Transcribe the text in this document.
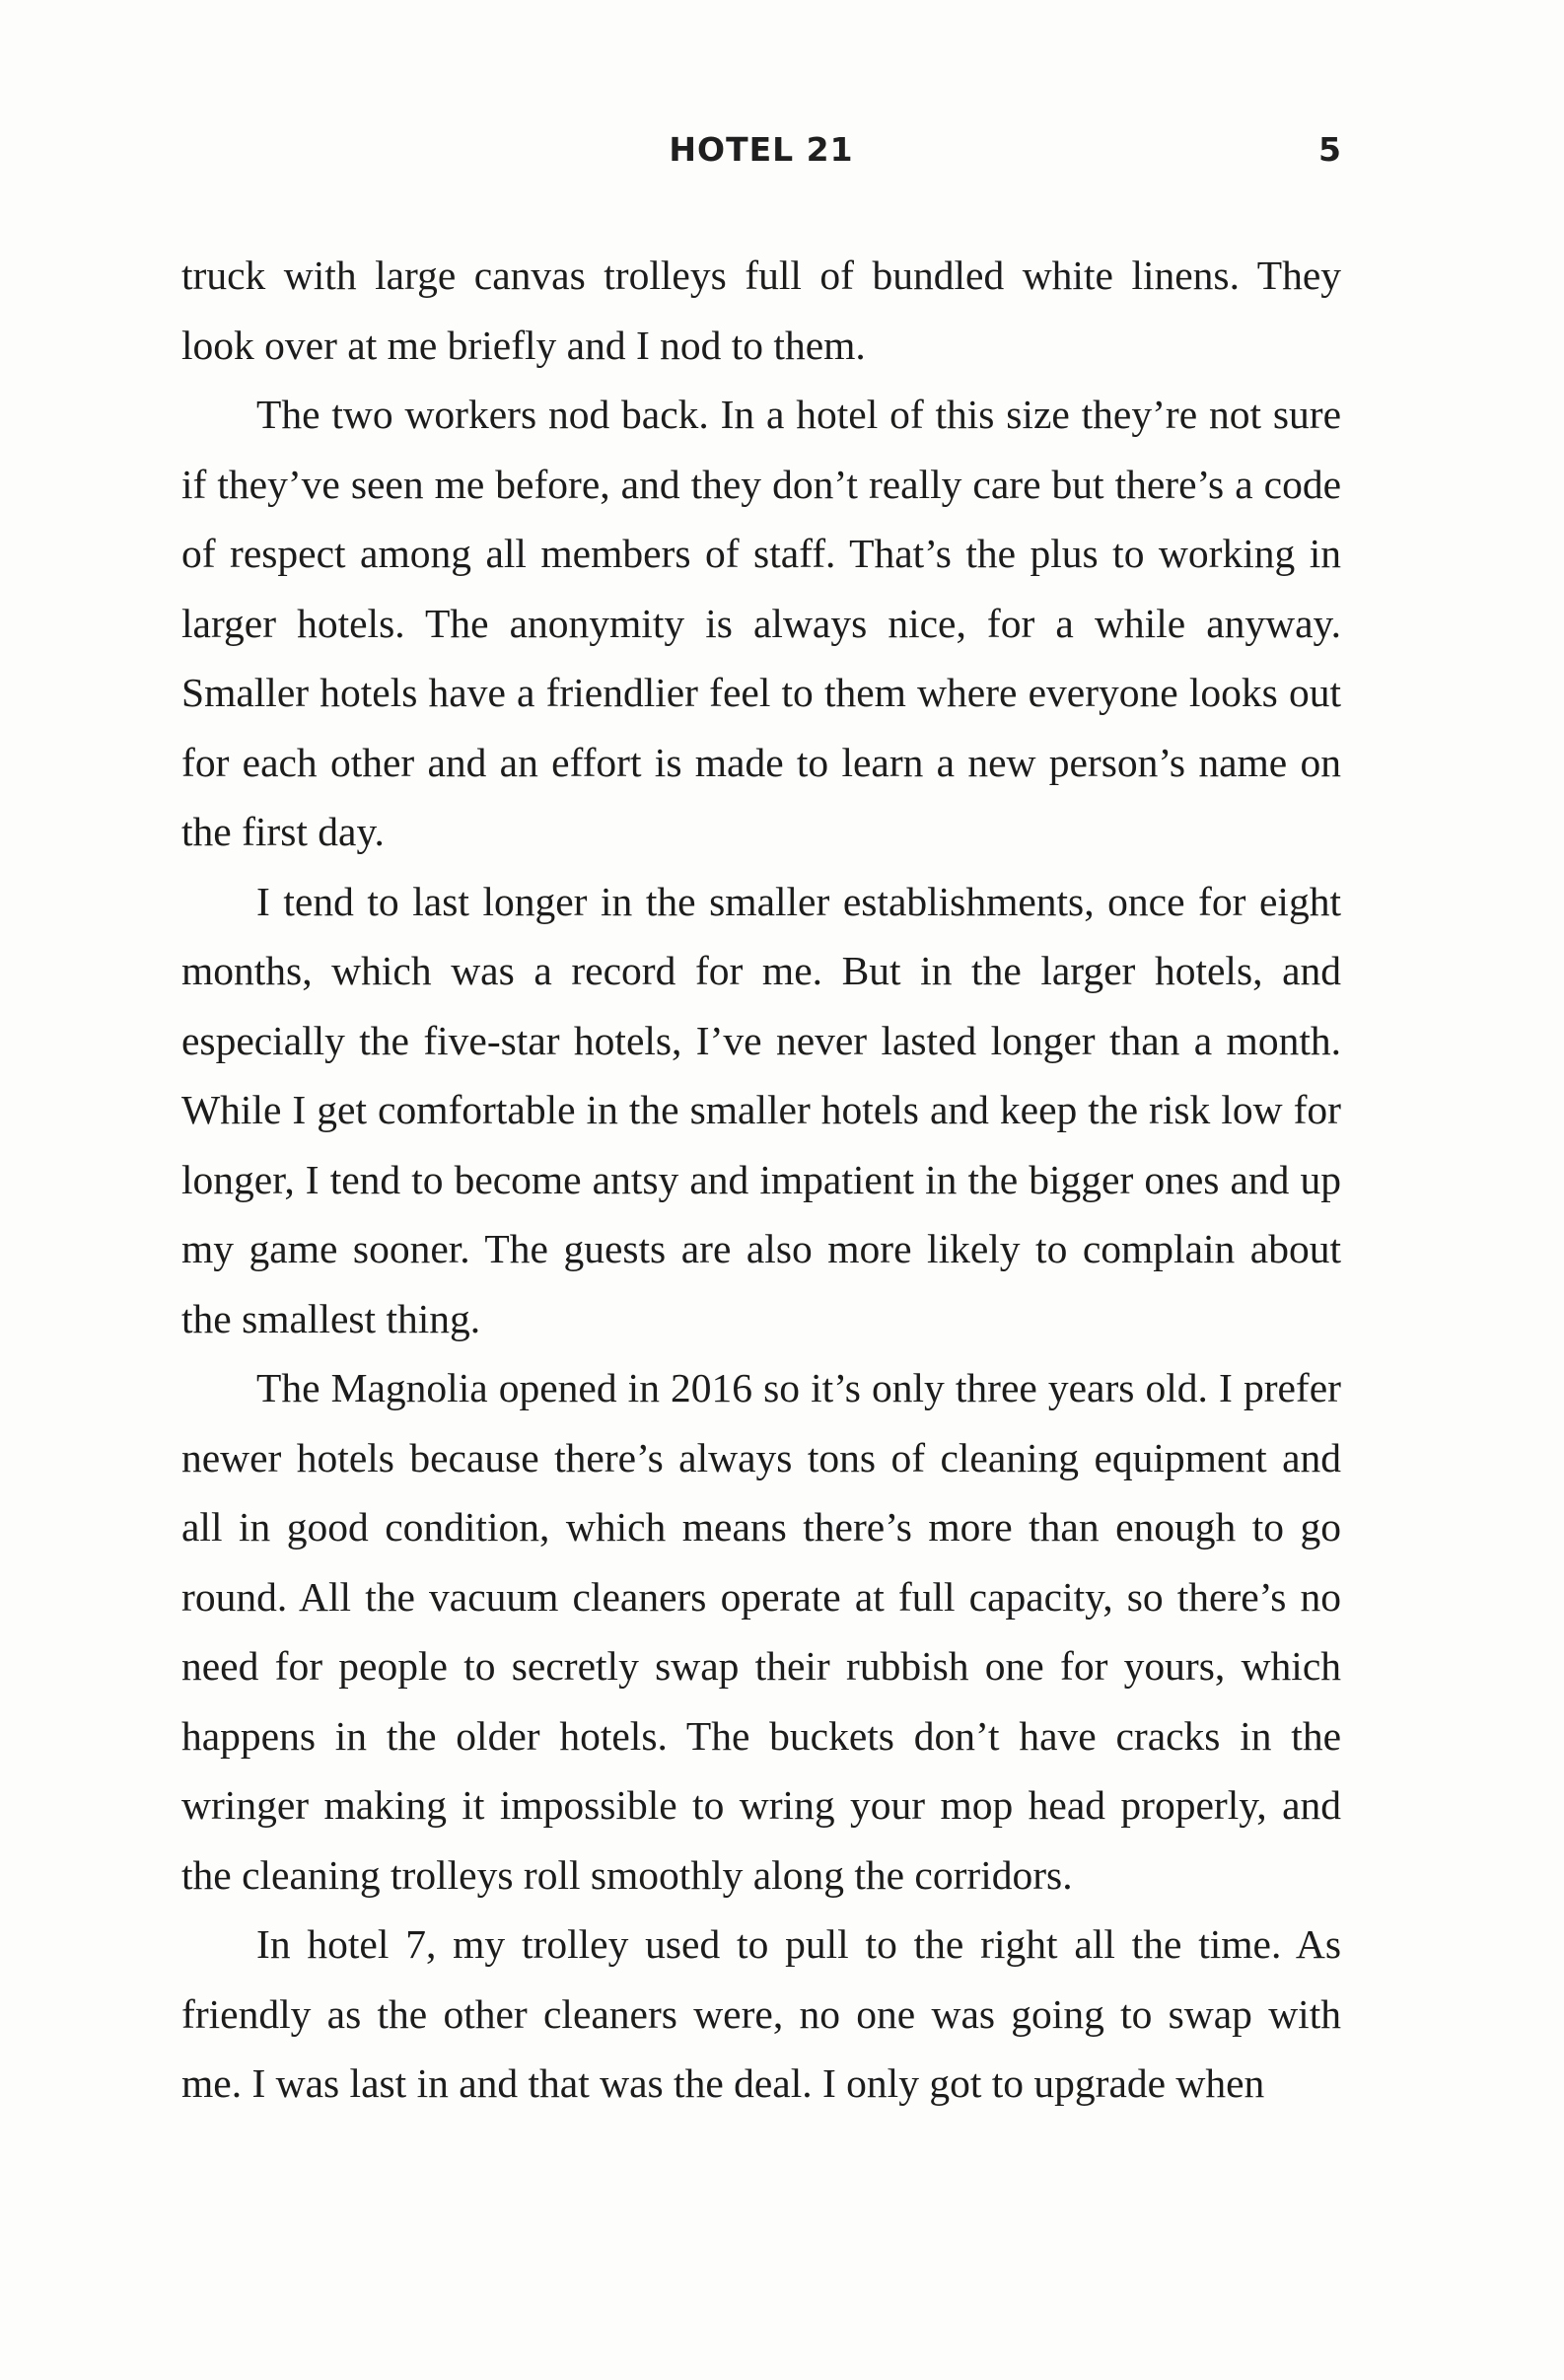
HOTEL 21	5

truck with large canvas trolleys full of bundled white linens. They look over at me briefly and I nod to them.

The two workers nod back. In a hotel of this size they’re not sure if they’ve seen me before, and they don’t really care but there’s a code of respect among all members of staff. That’s the plus to working in larger hotels. The anonymity is always nice, for a while anyway. Smaller hotels have a friendlier feel to them where everyone looks out for each other and an effort is made to learn a new person’s name on the first day.

I tend to last longer in the smaller establishments, once for eight months, which was a record for me. But in the larger hotels, and especially the five-star hotels, I’ve never lasted longer than a month. While I get comfortable in the smaller hotels and keep the risk low for longer, I tend to become antsy and impatient in the bigger ones and up my game sooner. The guests are also more likely to complain about the smallest thing.

The Magnolia opened in 2016 so it’s only three years old. I prefer newer hotels because there’s always tons of cleaning equipment and all in good condition, which means there’s more than enough to go round. All the vacuum cleaners operate at full capacity, so there’s no need for people to secretly swap their rubbish one for yours, which happens in the older hotels. The buckets don’t have cracks in the wringer making it impossible to wring your mop head properly, and the cleaning trolleys roll smoothly along the corridors.

In hotel 7, my trolley used to pull to the right all the time. As friendly as the other cleaners were, no one was going to swap with me. I was last in and that was the deal. I only got to upgrade when
